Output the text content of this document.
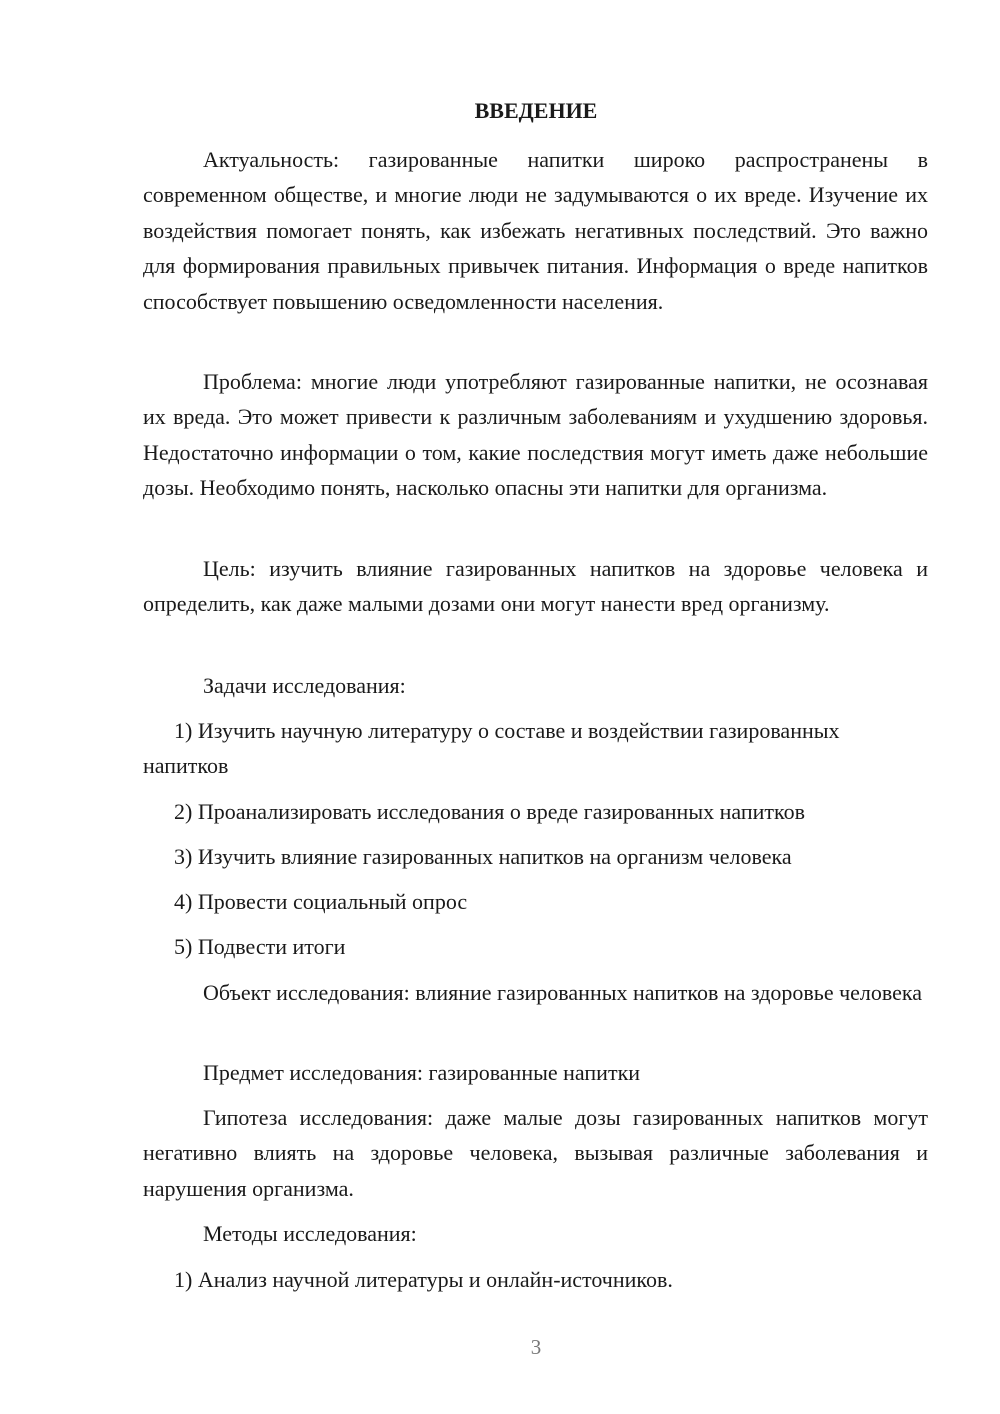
ВВЕДЕНИЕ
Актуальность: газированные напитки широко распространены в современном обществе, и многие люди не задумываются о их вреде. Изучение их воздействия помогает понять, как избежать негативных последствий. Это важно для формирования правильных привычек питания. Информация о вреде напитков способствует повышению осведомленности населения.
Проблема: многие люди употребляют газированные напитки, не осознавая их вреда. Это может привести к различным заболеваниям и ухудшению здоровья. Недостаточно информации о том, какие последствия могут иметь даже небольшие дозы. Необходимо понять, насколько опасны эти напитки для организма.
Цель: изучить влияние газированных напитков на здоровье человека и определить, как даже малыми дозами они могут нанести вред организму.
Задачи исследования:
1) Изучить научную литературу о составе и воздействии газированных напитков
2) Проанализировать исследования о вреде газированных напитков
3) Изучить влияние газированных напитков на организм человека
4) Провести социальный опрос
5) Подвести итоги
Объект исследования: влияние газированных напитков на здоровье человека
Предмет исследования: газированные напитки
Гипотеза исследования: даже малые дозы газированных напитков могут негативно влиять на здоровье человека, вызывая различные заболевания и нарушения организма.
Методы исследования:
1) Анализ научной литературы и онлайн-источников.
3
